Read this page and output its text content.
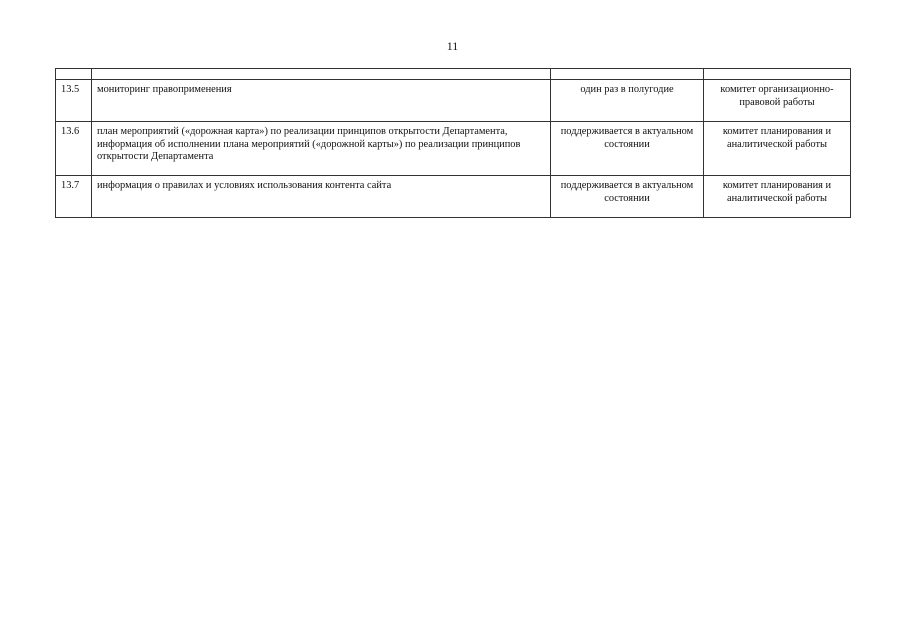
11

13.5	мониторинг правоприменения	один раз в полугодие	комитет организационно-правовой работы
13.6	план мероприятий («дорожная карта») по реализации принципов открытости Департамента, информация об исполнении плана мероприятий («дорожной карты») по реализации принципов открытости Департамента	поддерживается в актуальном состоянии	комитет планирования и аналитической работы
13.7	информация о правилах и условиях использования контента сайта	поддерживается в актуальном состоянии	комитет планирования и аналитической работы
